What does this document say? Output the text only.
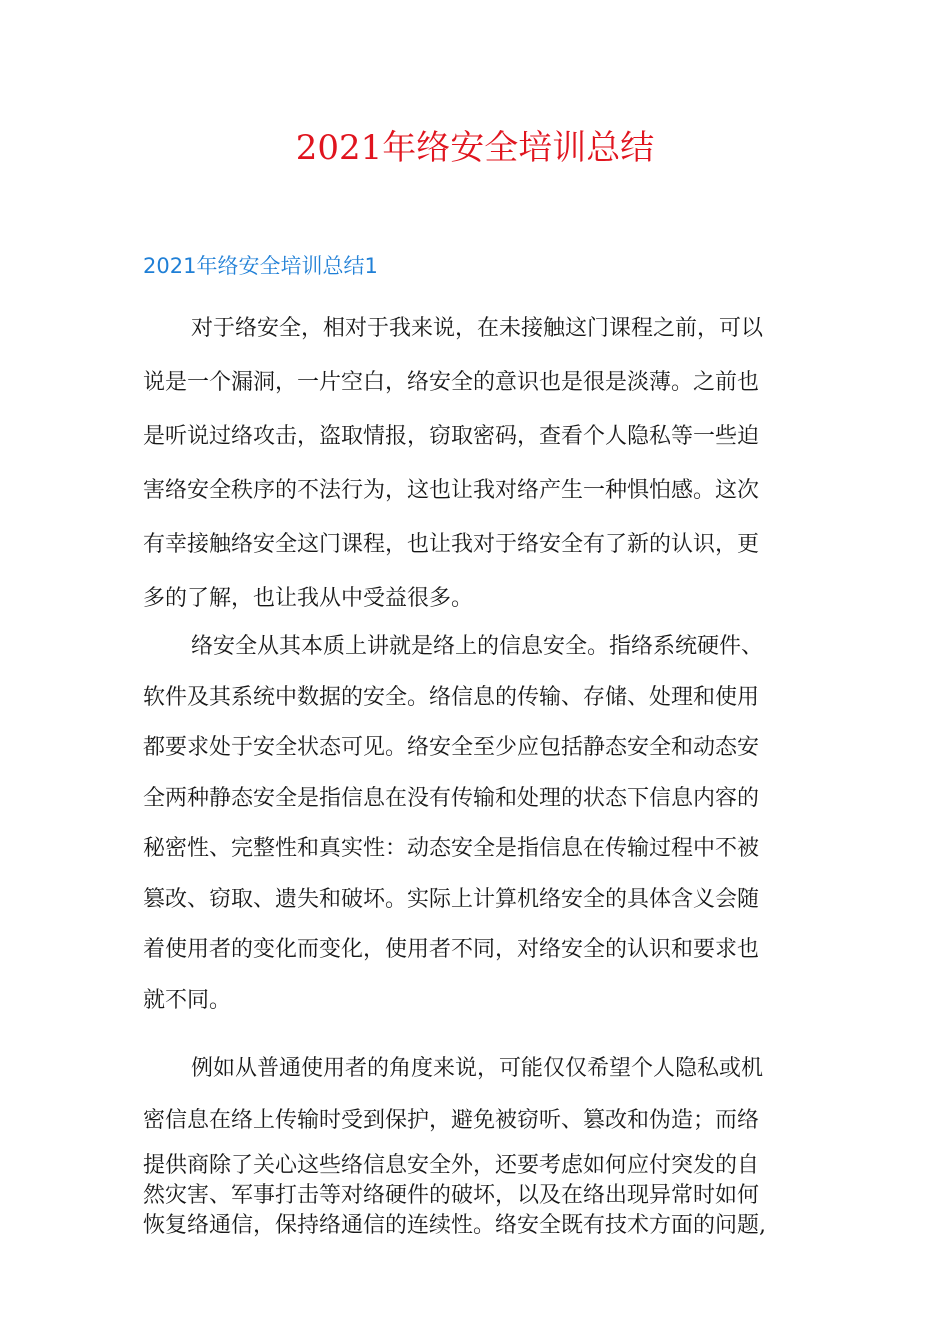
2021年络安全培训总结
2021年络安全培训总结1
对于络安全，相对于我来说，在未接触这门课程之前，可以
说是一个漏洞，一片空白，络安全的意识也是很是淡薄。之前也
是听说过络攻击，盗取情报，窃取密码，查看个人隐私等一些迫
害络安全秩序的不法行为，这也让我对络产生一种惧怕感。这次
有幸接触络安全这门课程，也让我对于络安全有了新的认识，更
多的了解，也让我从中受益很多。
络安全从其本质上讲就是络上的信息安全。指络系统硬件、
软件及其系统中数据的安全。络信息的传输、存储、处理和使用
都要求处于安全状态可见。络安全至少应包括静态安全和动态安
全两种静态安全是指信息在没有传输和处理的状态下信息内容的
秘密性、完整性和真实性：动态安全是指信息在传输过程中不被
篡改、窃取、遗失和破坏。实际上计算机络安全的具体含义会随
着使用者的变化而变化，使用者不同，对络安全的认识和要求也
就不同。
例如从普通使用者的角度来说，可能仅仅希望个人隐私或机
密信息在络上传输时受到保护，避免被窃听、篡改和伪造；而络
提供商除了关心这些络信息安全外，还要考虑如何应付突发的自
然灾害、军事打击等对络硬件的破坏，以及在络出现异常时如何
恢复络通信，保持络通信的连续性。络安全既有技术方面的问题,
